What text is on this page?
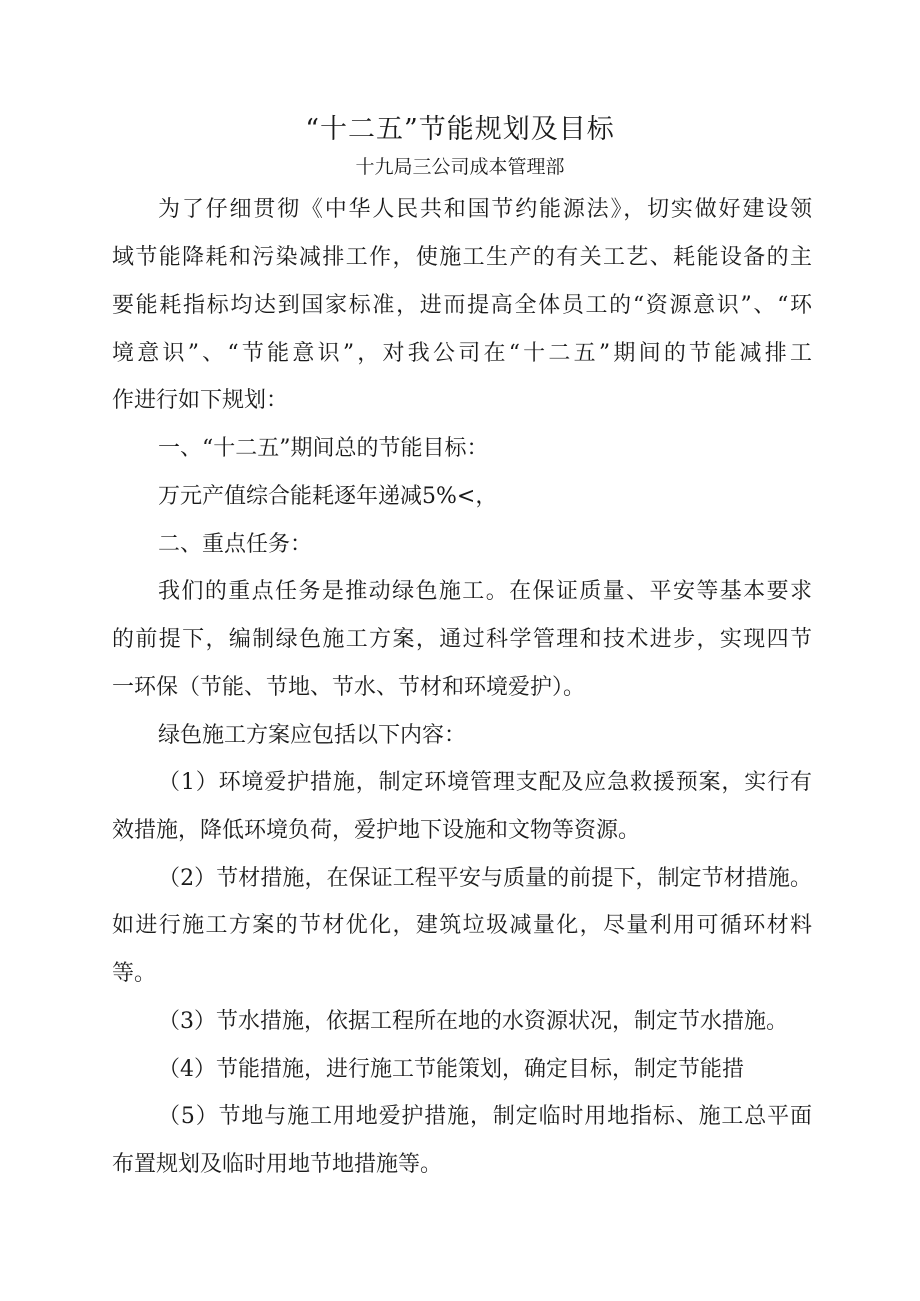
“十二五”节能规划及目标
十九局三公司成本管理部
为了仔细贯彻《中华人民共和国节约能源法》，切实做好建设领
域节能降耗和污染减排工作，使施工生产的有关工艺、耗能设备的主
要能耗指标均达到国家标准，进而提高全体员工的“资源意识”、“环
境意识”、“节能意识”，对我公司在“十二五”期间的节能减排工
作进行如下规划：
一、“十二五”期间总的节能目标：
万元产值综合能耗逐年递减5%<，
二、重点任务：
我们的重点任务是推动绿色施工。在保证质量、平安等基本要求
的前提下，编制绿色施工方案，通过科学管理和技术进步，实现四节
一环保（节能、节地、节水、节材和环境爱护）。
绿色施工方案应包括以下内容：
（1）环境爱护措施，制定环境管理支配及应急救援预案，实行有
效措施，降低环境负荷，爱护地下设施和文物等资源。
（2）节材措施，在保证工程平安与质量的前提下，制定节材措施。
如进行施工方案的节材优化，建筑垃圾减量化，尽量利用可循环材料
等。
（3）节水措施，依据工程所在地的水资源状况，制定节水措施。
（4）节能措施，进行施工节能策划，确定目标，制定节能措
（5）节地与施工用地爱护措施，制定临时用地指标、施工总平面
布置规划及临时用地节地措施等。
